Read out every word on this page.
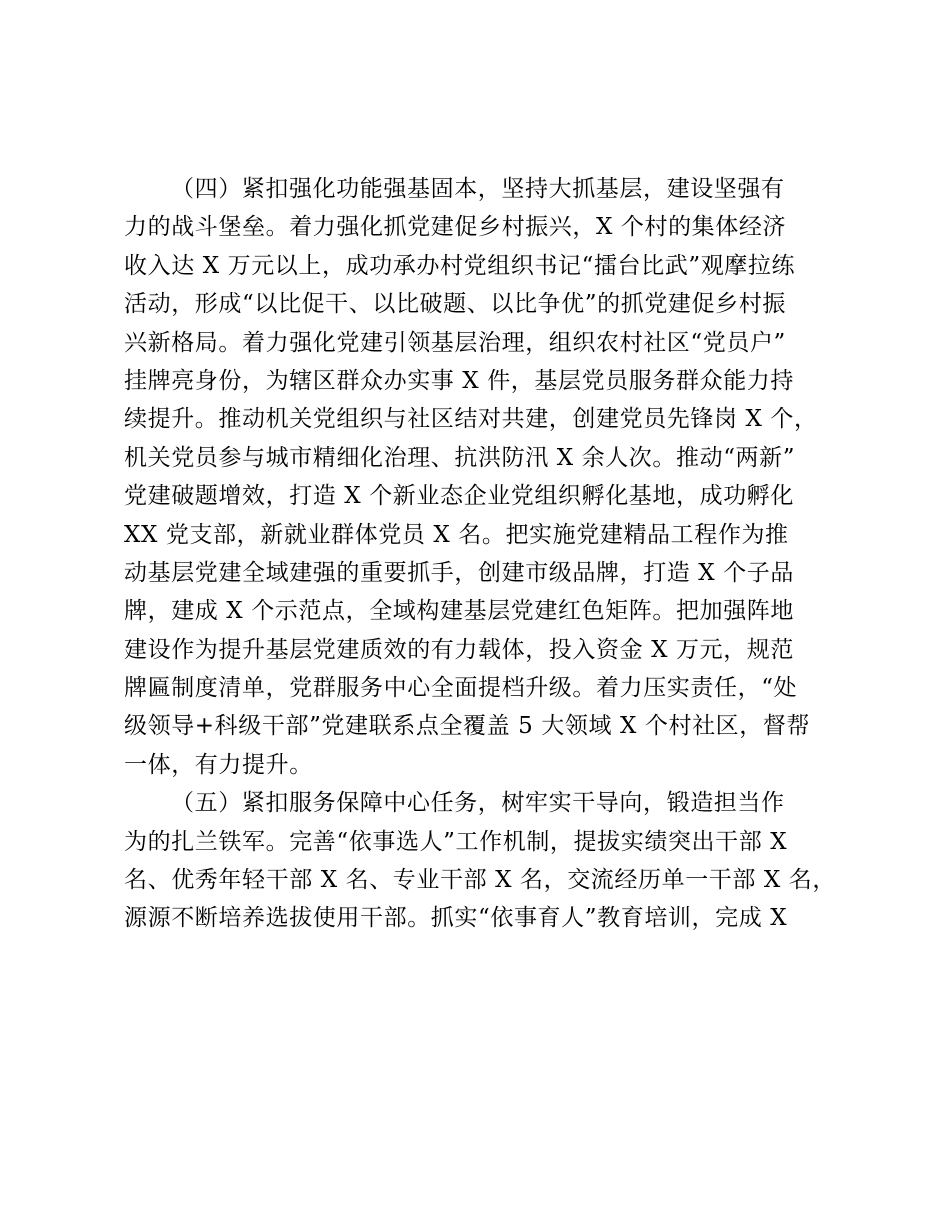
（四）紧扣强化功能强基固本，坚持大抓基层，建设坚强有
力的战斗堡垒。着力强化抓党建促乡村振兴，X 个村的集体经济
收入达 X 万元以上，成功承办村党组织书记“擂台比武”观摩拉练
活动，形成“以比促干、以比破题、以比争优”的抓党建促乡村振
兴新格局。着力强化党建引领基层治理，组织农村社区“党员户”
挂牌亮身份，为辖区群众办实事 X 件，基层党员服务群众能力持
续提升。推动机关党组织与社区结对共建，创建党员先锋岗 X 个，
机关党员参与城市精细化治理、抗洪防汛 X 余人次。推动“两新”
党建破题增效，打造 X 个新业态企业党组织孵化基地，成功孵化
XX 党支部，新就业群体党员 X 名。把实施党建精品工程作为推
动基层党建全域建强的重要抓手，创建市级品牌，打造 X 个子品
牌，建成 X 个示范点，全域构建基层党建红色矩阵。把加强阵地
建设作为提升基层党建质效的有力载体，投入资金 X 万元，规范
牌匾制度清单，党群服务中心全面提档升级。着力压实责任，“处
级领导+科级干部”党建联系点全覆盖 5 大领域 X 个村社区，督帮
一体，有力提升。
（五）紧扣服务保障中心任务，树牢实干导向，锻造担当作
为的扎兰铁军。完善“依事选人”工作机制，提拔实绩突出干部 X
名、优秀年轻干部 X 名、专业干部 X 名，交流经历单一干部 X 名，
源源不断培养选拔使用干部。抓实“依事育人”教育培训，完成 X
